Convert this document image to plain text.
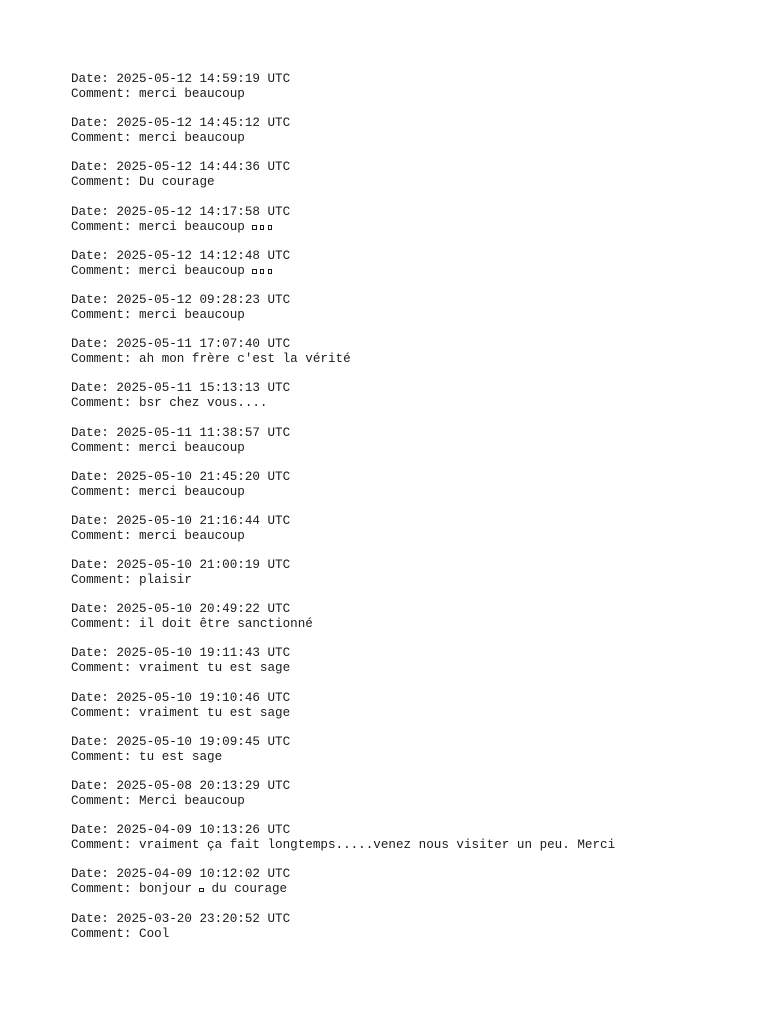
Date: 2025-05-12 14:59:19 UTC
Comment: merci beaucoup
Date: 2025-05-12 14:45:12 UTC
Comment: merci beaucoup
Date: 2025-05-12 14:44:36 UTC
Comment: Du courage
Date: 2025-05-12 14:17:58 UTC
Comment: merci beaucoup
Date: 2025-05-12 14:12:48 UTC
Comment: merci beaucoup
Date: 2025-05-12 09:28:23 UTC
Comment: merci beaucoup
Date: 2025-05-11 17:07:40 UTC
Comment: ah mon frère c'est la vérité
Date: 2025-05-11 15:13:13 UTC
Comment: bsr chez vous....
Date: 2025-05-11 11:38:57 UTC
Comment: merci beaucoup
Date: 2025-05-10 21:45:20 UTC
Comment: merci beaucoup
Date: 2025-05-10 21:16:44 UTC
Comment: merci beaucoup
Date: 2025-05-10 21:00:19 UTC
Comment: plaisir
Date: 2025-05-10 20:49:22 UTC
Comment: il doit être sanctionné
Date: 2025-05-10 19:11:43 UTC
Comment: vraiment tu est sage
Date: 2025-05-10 19:10:46 UTC
Comment: vraiment tu est sage
Date: 2025-05-10 19:09:45 UTC
Comment: tu est sage
Date: 2025-05-08 20:13:29 UTC
Comment: Merci beaucoup
Date: 2025-04-09 10:13:26 UTC
Comment: vraiment ça fait longtemps.....venez nous visiter un peu. Merci
Date: 2025-04-09 10:12:02 UTC
Comment: bonjour  du courage
Date: 2025-03-20 23:20:52 UTC
Comment: Cool
